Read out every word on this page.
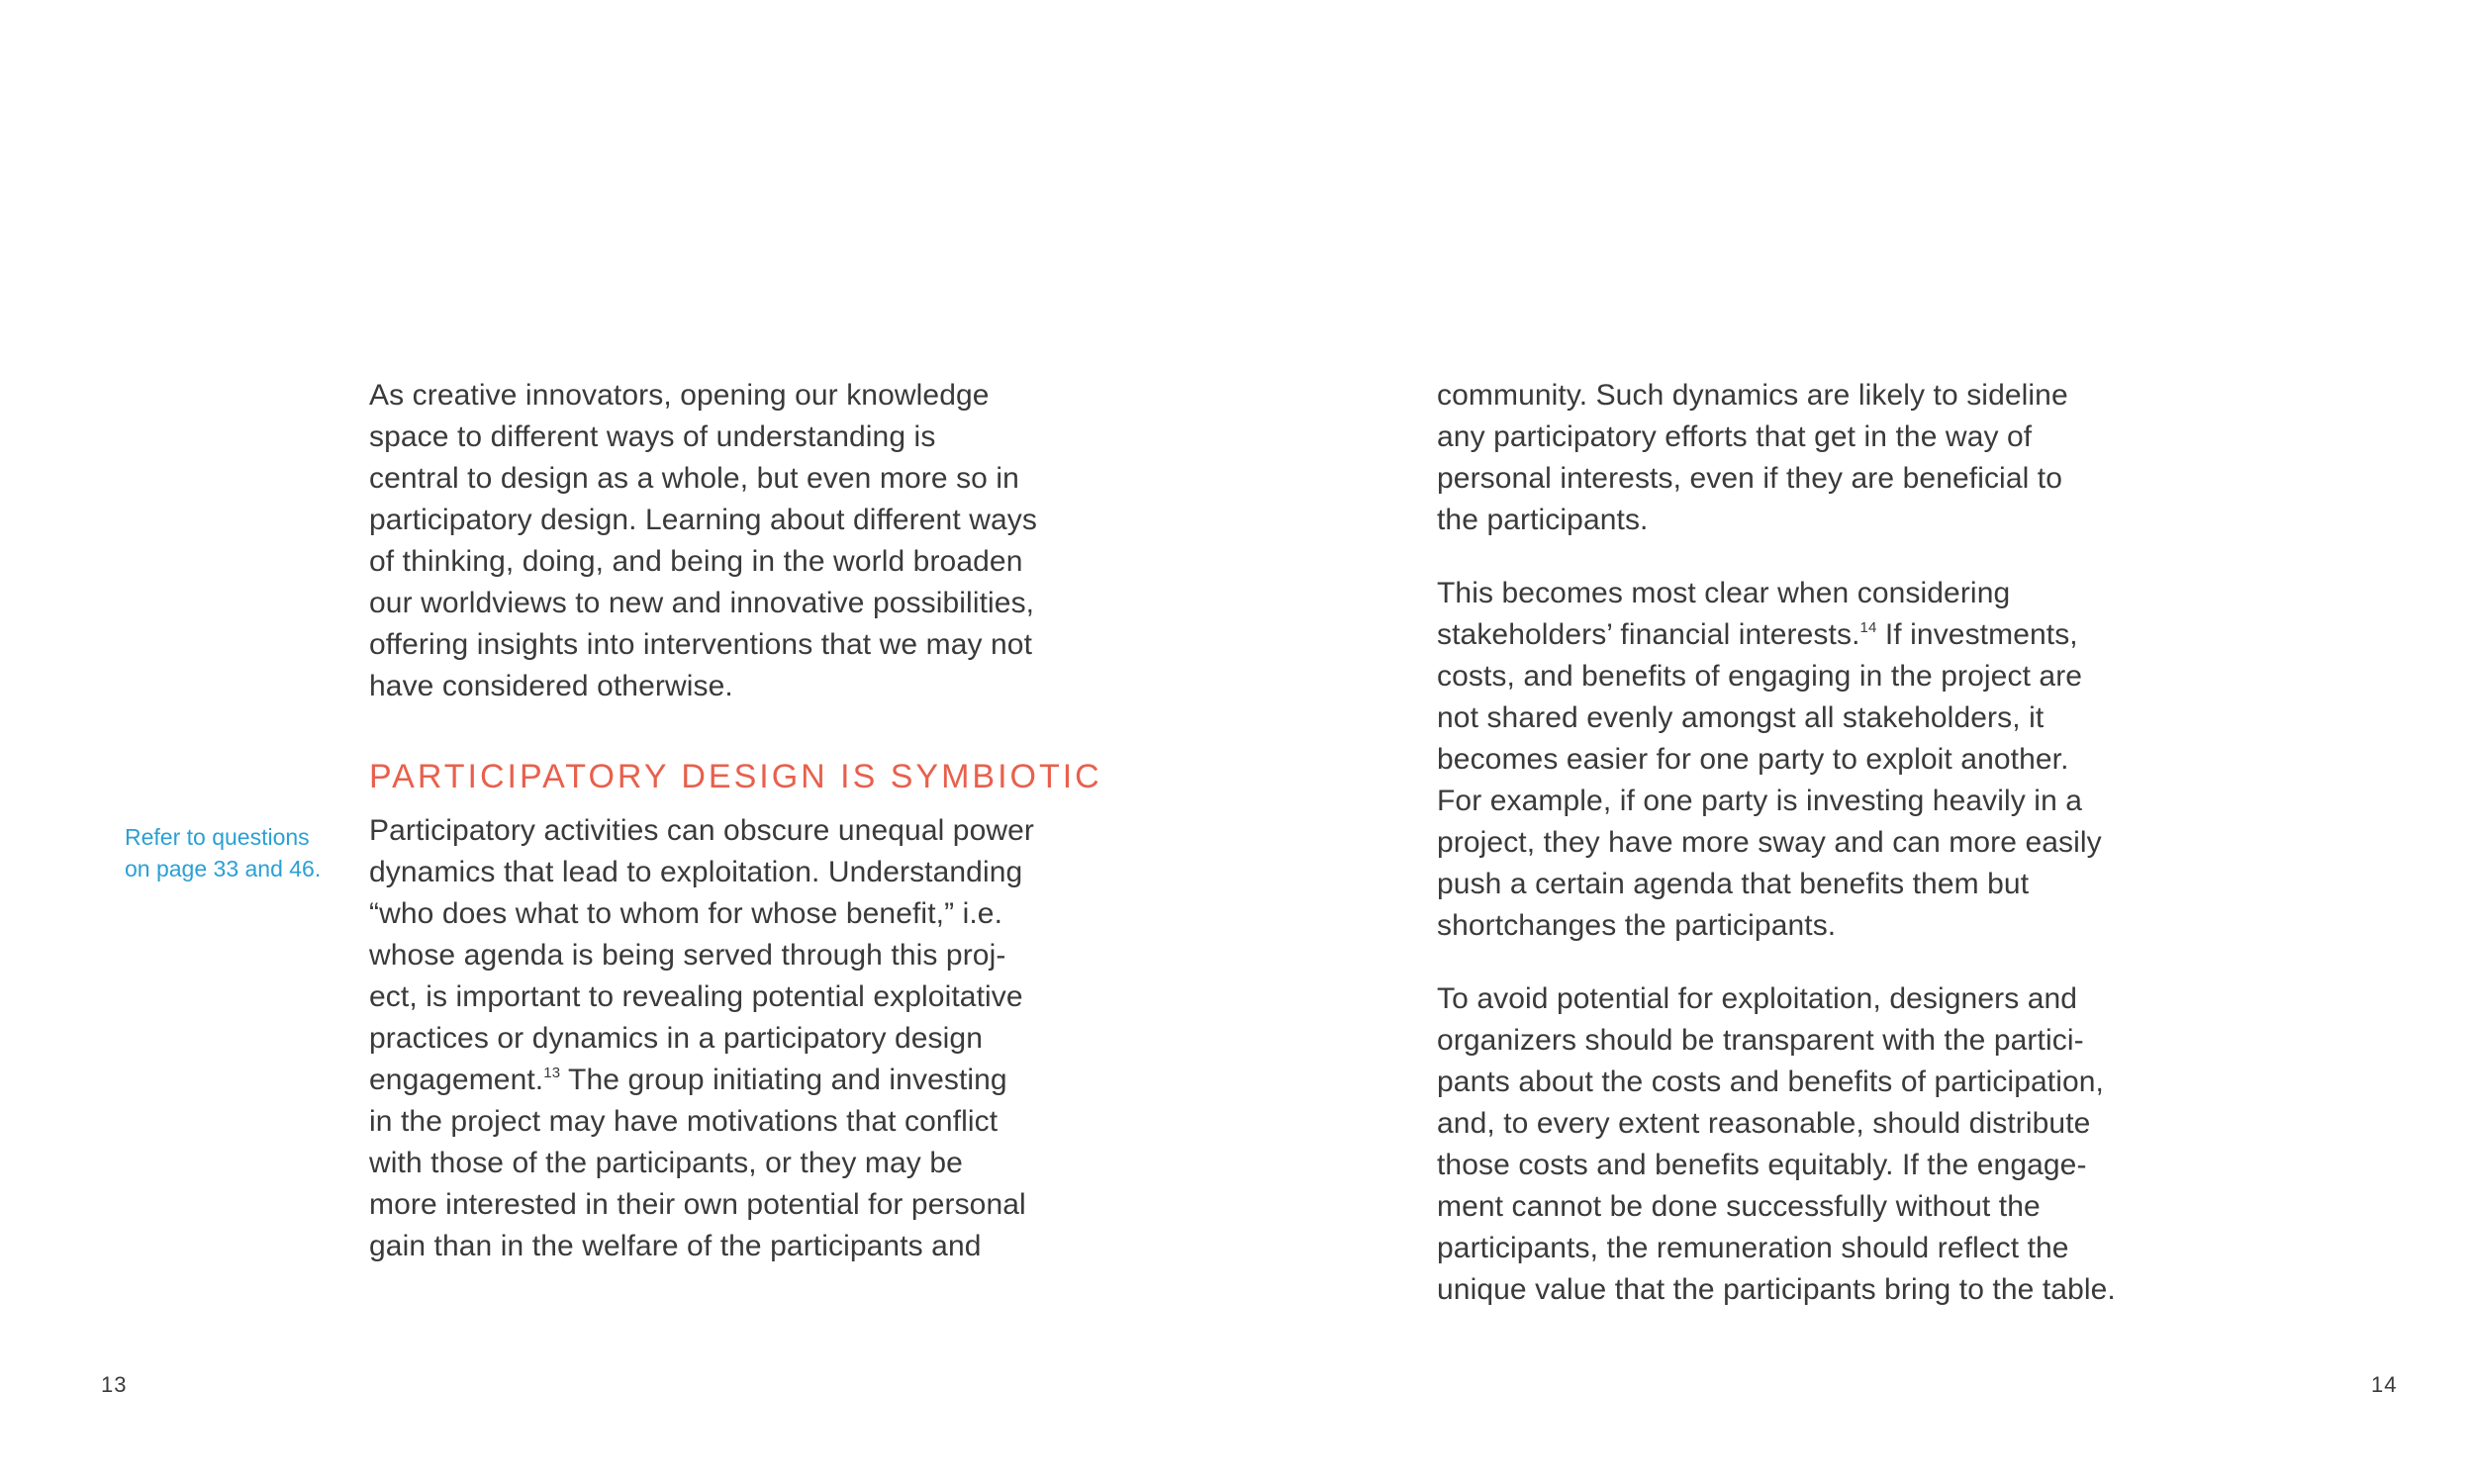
As creative innovators, opening our knowledge
space to different ways of understanding is
central to design as a whole, but even more so in
participatory design. Learning about different ways
of thinking, doing, and being in the world broaden
our worldviews to new and innovative possibilities,
offering insights into interventions that we may not
have considered otherwise.

PARTICIPATORY DESIGN IS SYMBIOTIC

Participatory activities can obscure unequal power
dynamics that lead to exploitation. Understanding
“who does what to whom for whose benefit,” i.e.
whose agenda is being served through this proj-
ect, is important to revealing potential exploitative
practices or dynamics in a participatory design
engagement.$^{13}$ The group initiating and investing
in the project may have motivations that conflict
with those of the participants, or they may be
more interested in their own potential for personal
gain than in the welfare of the participants and

Refer to questions
on page 33 and 46.

community. Such dynamics are likely to sideline
any participatory efforts that get in the way of
personal interests, even if they are beneficial to
the participants.

This becomes most clear when considering
stakeholders’ financial interests.$^{14}$ If investments,
costs, and benefits of engaging in the project are
not shared evenly amongst all stakeholders, it
becomes easier for one party to exploit another.
For example, if one party is investing heavily in a
project, they have more sway and can more easily
push a certain agenda that benefits them but
shortchanges the participants.

To avoid potential for exploitation, designers and
organizers should be transparent with the partici-
pants about the costs and benefits of participation,
and, to every extent reasonable, should distribute
those costs and benefits equitably. If the engage-
ment cannot be done successfully without the
participants, the remuneration should reflect the
unique value that the participants bring to the table.

13	14
